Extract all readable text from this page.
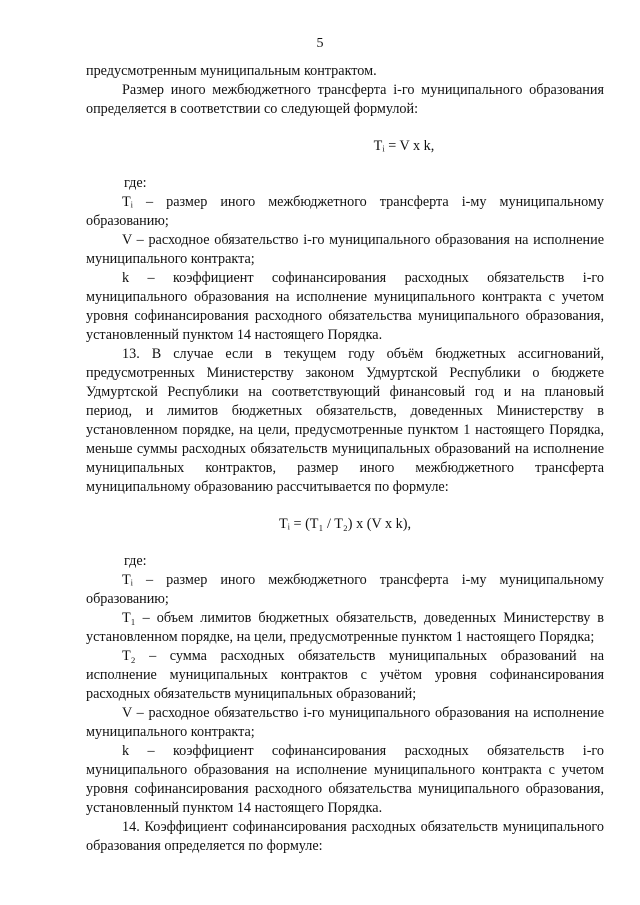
5

предусмотренным муниципальным контрактом.

Размер иного межбюджетного трансферта i-го муниципального образования определяется в соответствии со следующей формулой:

Tᵢ = V x k,

где:

Tᵢ – размер иного межбюджетного трансферта i-му муниципальному образованию;

V – расходное обязательство i-го муниципального образования на исполнение муниципального контракта;

k – коэффициент софинансирования расходных обязательств i-го муниципального образования на исполнение муниципального контракта с учетом уровня софинансирования расходного обязательства муниципального образования, установленный пунктом 14 настоящего Порядка.

13. В случае если в текущем году объём бюджетных ассигнований, предусмотренных Министерству законом Удмуртской Республики о бюджете Удмуртской Республики на соответствующий финансовый год и на плановый период, и лимитов бюджетных обязательств, доведенных Министерству в установленном порядке, на цели, предусмотренные пунктом 1 настоящего Порядка, меньше суммы расходных обязательств муниципальных образований на исполнение муниципальных контрактов, размер иного межбюджетного трансферта муниципальному образованию рассчитывается по формуле:

Tᵢ = (T₁ / T₂) x (V x k),

где:

Tᵢ – размер иного межбюджетного трансферта i-му муниципальному образованию;

T₁ – объем лимитов бюджетных обязательств, доведенных Министерству в установленном порядке, на цели, предусмотренные пунктом 1 настоящего Порядка;

T₂ – сумма расходных обязательств муниципальных образований на исполнение муниципальных контрактов с учётом уровня софинансирования расходных обязательств муниципальных образований;

V – расходное обязательство i-го муниципального образования на исполнение муниципального контракта;

k – коэффициент софинансирования расходных обязательств i-го муниципального образования на исполнение муниципального контракта с учетом уровня софинансирования расходного обязательства муниципального образования, установленный пунктом 14 настоящего Порядка.

14. Коэффициент софинансирования расходных обязательств муниципального образования определяется по формуле:
